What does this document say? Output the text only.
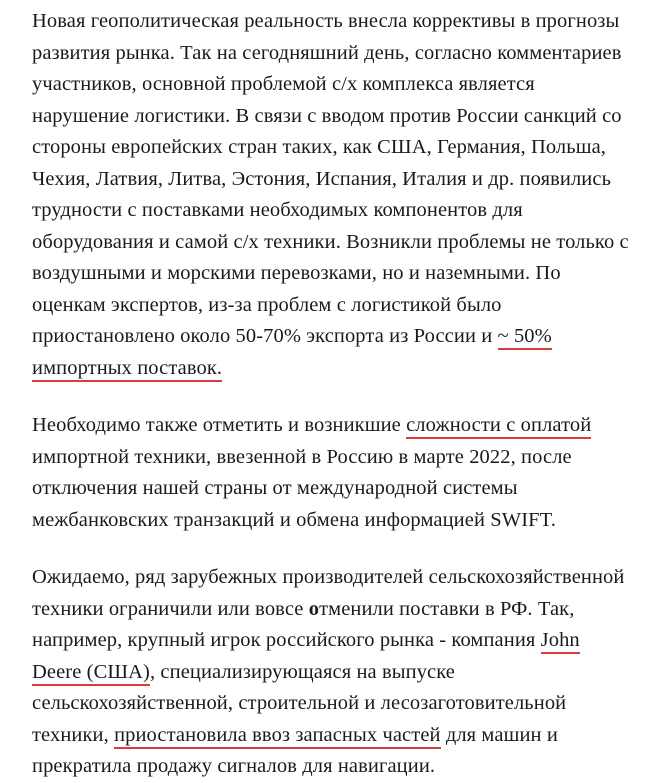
Новая геополитическая реальность внесла коррективы в прогнозы развития рынка. Так на сегодняшний день, согласно комментариев участников, основной проблемой с/х комплекса является нарушение логистики. В связи с вводом против России санкций со стороны европейских стран таких, как США, Германия, Польша, Чехия, Латвия, Литва, Эстония, Испания, Италия и др. появились трудности с поставками необходимых компонентов для оборудования и самой с/х техники. Возникли проблемы не только с воздушными и морскими перевозками, но и наземными. По оценкам экспертов, из-за проблем с логистикой было приостановлено около 50-70% экспорта из России и ~ 50% импортных поставок.

Необходимо также отметить и возникшие сложности с оплатой импортной техники, ввезенной в Россию в марте 2022, после отключения нашей страны от международной системы межбанковских транзакций и обмена информацией SWIFT.

Ожидаемо, ряд зарубежных производителей сельскохозяйственной техники ограничили или вовсе отменили поставки в РФ. Так, например, крупный игрок российского рынка - компания John Deere (США), специализирующаяся на выпуске сельскохозяйственной, строительной и лесозаготовительной техники, приостановила ввоз запасных частей для машин и прекратила продажу сигналов для навигации.
